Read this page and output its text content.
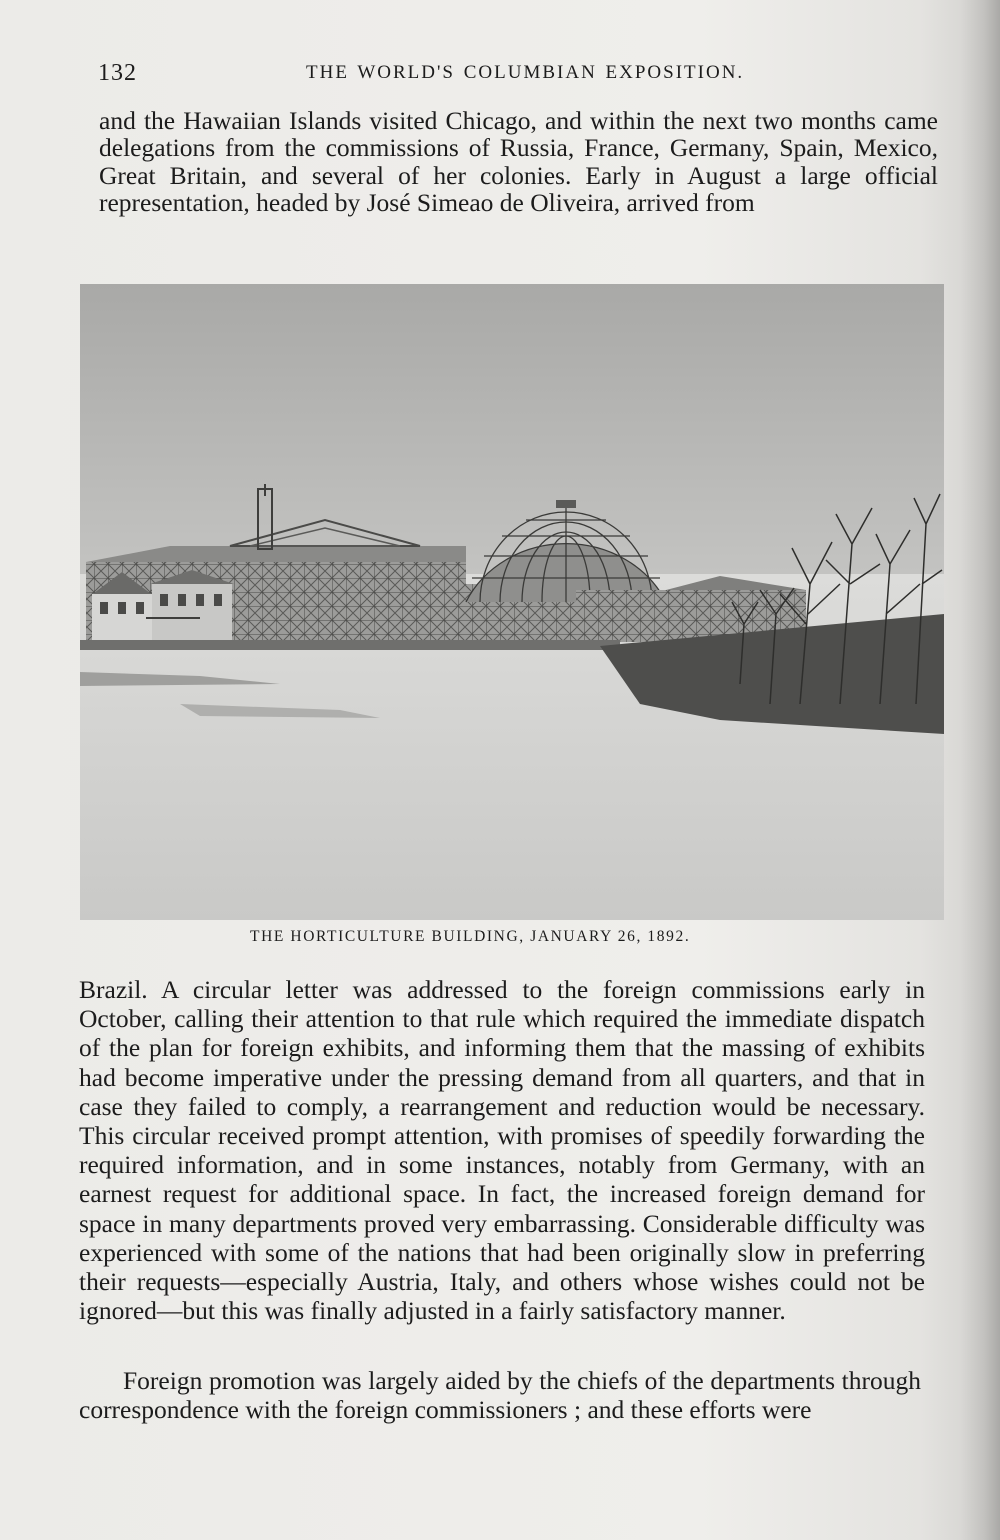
132	THE WORLD'S COLUMBIAN EXPOSITION.

and the Hawaiian Islands visited Chicago, and within the next two months came delegations from the commissions of Russia, France, Germany, Spain, Mexico, Great Britain, and several of her colonies. Early in August a large official representation, headed by José Simeao de Oliveira, arrived from

THE HORTICULTURE BUILDING, JANUARY 26, 1892.

Brazil. A circular letter was addressed to the foreign commissions early in October, calling their attention to that rule which required the immediate dispatch of the plan for foreign exhibits, and informing them that the massing of exhibits had become imperative under the pressing demand from all quarters, and that in case they failed to comply, a rearrangement and reduction would be necessary. This circular received prompt attention, with promises of speedily forwarding the required information, and in some instances, notably from Germany, with an earnest request for additional space. In fact, the increased foreign demand for space in many departments proved very embarrassing. Considerable difficulty was experienced with some of the nations that had been originally slow in preferring their requests—especially Austria, Italy, and others whose wishes could not be ignored—but this was finally adjusted in a fairly satisfactory manner.

Foreign promotion was largely aided by the chiefs of the departments through correspondence with the foreign commissioners ; and these efforts were
